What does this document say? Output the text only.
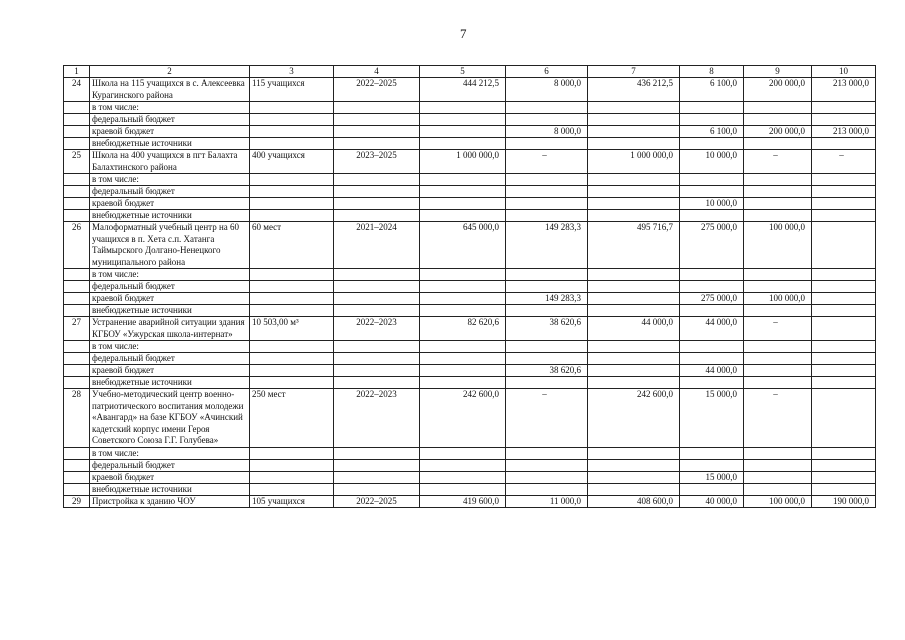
7
1	2	3	4	5	6	7	8	9	10
24	Школа на 115 учащихся в с. Алексеевка Курагинского района	115 учащихся	2022–2025	444 212,5	8 000,0	436 212,5	6 100,0	200 000,0	213 000,0
	в том числе:								
	федеральный бюджет								
	краевой бюджет				8 000,0		6 100,0	200 000,0	213 000,0
	внебюджетные источники								
25	Школа на 400 учащихся в пгт Балахта Балахтинского района	400 учащихся	2023–2025	1 000 000,0	–	1 000 000,0	10 000,0	–	–
	в том числе:								
	федеральный бюджет								
	краевой бюджет						10 000,0		
	внебюджетные источники								
26	Малоформатный учебный центр на 60 учащихся в п. Хета с.п. Хатанга Таймырского Долгано-Ненецкого муниципального района	60 мест	2021–2024	645 000,0	149 283,3	495 716,7	275 000,0	100 000,0	
	в том числе:								
	федеральный бюджет								
	краевой бюджет				149 283,3		275 000,0	100 000,0	
	внебюджетные источники								
27	Устранение аварийной ситуации здания КГБОУ «Ужурская школа-интернат»	10 503,00 м³	2022–2023	82 620,6	38 620,6	44 000,0	44 000,0	–	
	в том числе:								
	федеральный бюджет								
	краевой бюджет				38 620,6		44 000,0		
	внебюджетные источники								
28	Учебно-методический центр военно-патриотического воспитания молодежи «Авангард» на базе КГБОУ «Ачинский кадетский корпус имени Героя Советского Союза Г.Г. Голубева»	250 мест	2022–2023	242 600,0	–	242 600,0	15 000,0	–	
	в том числе:								
	федеральный бюджет								
	краевой бюджет						15 000,0		
	внебюджетные источники								
29	Пристройка к зданию ЧОУ	105 учащихся	2022–2025	419 600,0	11 000,0	408 600,0	40 000,0	100 000,0	190 000,0
